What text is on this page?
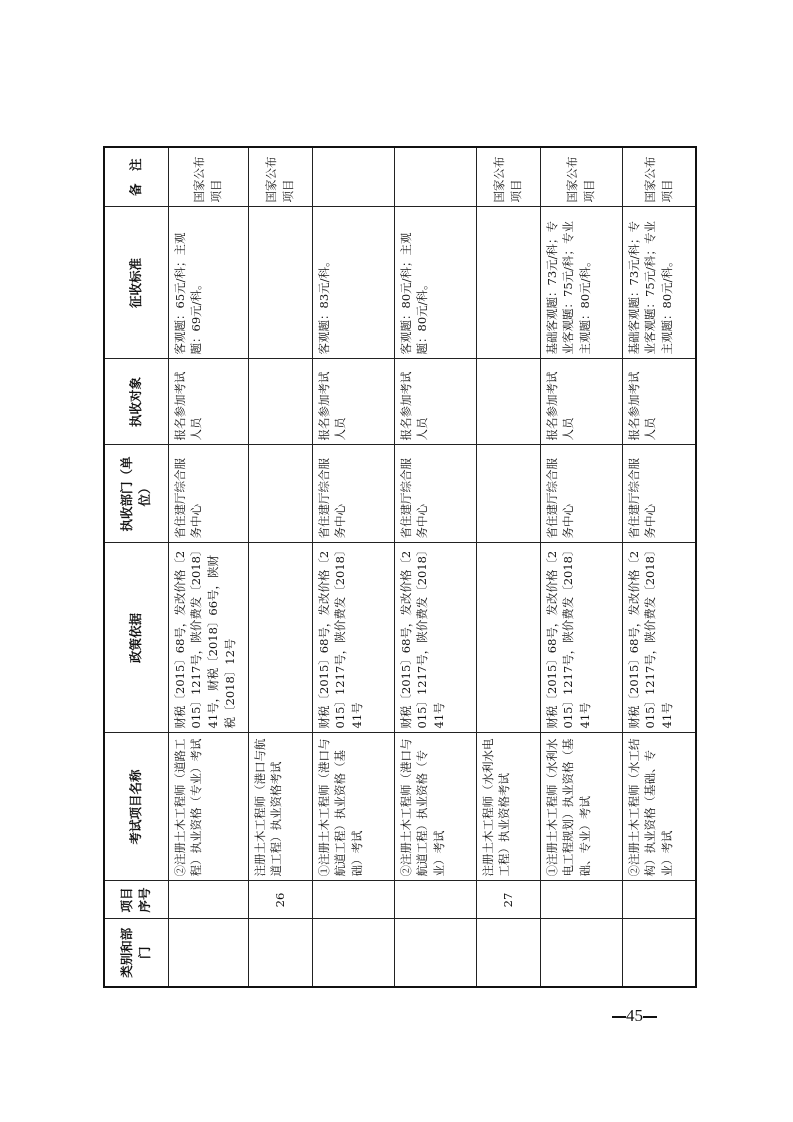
类别和部门	项目序号	考试项目名称	政策依据	执收部门（单位）	执收对象	征收标准	备　注
		②注册土木工程师（道路工程）执业资格（专业）考试	财税〔2015〕68号，发改价格〔2015〕1217号，陕价费发〔2018〕41号，财税〔2018〕66号，陕财税〔2018〕12号	省住建厅综合服务中心	报名参加考试人员	客观题：65元/科；主观题：69元/科。	国家公布项目
	26	注册土木工程师（港口与航道工程）执业资格考试					国家公布项目
		①注册土木工程师（港口与航道工程）执业资格（基础）考试	财税〔2015〕68号，发改价格〔2015〕1217号，陕价费发〔2018〕41号	省住建厅综合服务中心	报名参加考试人员	客观题：83元/科。	
		②注册土木工程师（港口与航道工程）执业资格（专业）考试	财税〔2015〕68号，发改价格〔2015〕1217号，陕价费发〔2018〕41号	省住建厅综合服务中心	报名参加考试人员	客观题：80元/科；主观题：80元/科。	
	27	注册土木工程师（水利水电工程）执业资格考试					国家公布项目
		①注册土木工程师（水利水电工程规划）执业资格（基础、专业）考试	财税〔2015〕68号，发改价格〔2015〕1217号，陕价费发〔2018〕41号	省住建厅综合服务中心	报名参加考试人员	基础客观题：73元/科；专业客观题：75元/科；专业主观题：80元/科。	国家公布项目
		②注册土木工程师（水工结构）执业资格（基础、专业）考试	财税〔2015〕68号，发改价格〔2015〕1217号，陕价费发〔2018〕41号	省住建厅综合服务中心	报名参加考试人员	基础客观题：73元/科；专业客观题：75元/科；专业主观题：80元/科。	国家公布项目
45
